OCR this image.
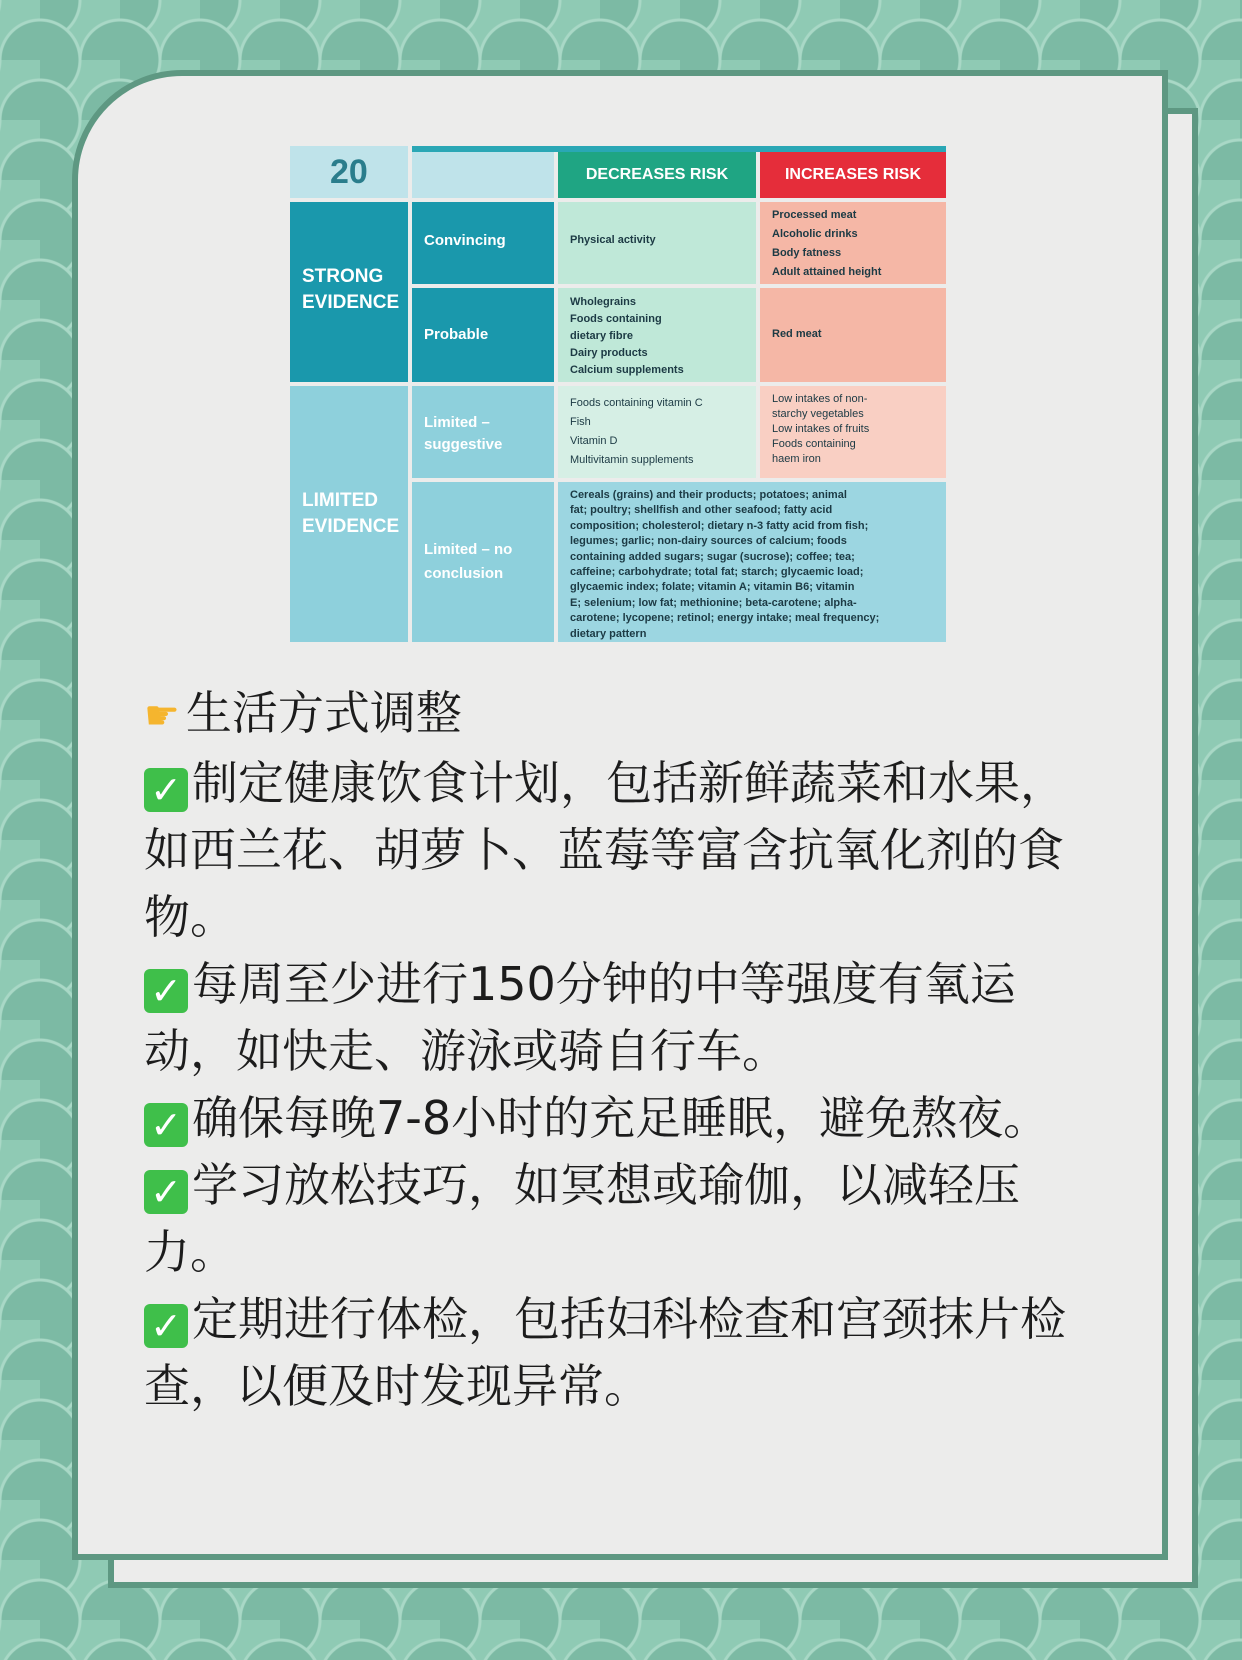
20	DECREASES RISK	INCREASES RISK
STRONG EVIDENCE
Convincing
Probable
LIMITED EVIDENCE
Limited – suggestive
Limited – no conclusion
Physical activity
Wholegrains
Foods containing
dietary fibre
Dairy products
Calcium supplements
Foods containing vitamin C
Fish
Vitamin D
Multivitamin supplements
Processed meat
Alcoholic drinks
Body fatness
Adult attained height
Red meat
Low intakes of non-
starchy vegetables
Low intakes of fruits
Foods containing
haem iron
Cereals (grains) and their products; potatoes; animal
fat; poultry; shellfish and other seafood; fatty acid
composition; cholesterol; dietary n-3 fatty acid from fish;
legumes; garlic; non-dairy sources of calcium; foods
containing added sugars; sugar (sucrose); coffee; tea;
caffeine; carbohydrate; total fat; starch; glycaemic load;
glycaemic index; folate; vitamin A; vitamin B6; vitamin
E; selenium; low fat; methionine; beta-carotene; alpha-
carotene; lycopene; retinol; energy intake; meal frequency;
dietary pattern

☛ 生活方式调整

✓ 制定健康饮食计划，包括新鲜蔬菜和水果，如西兰花、胡萝卜、蓝莓等富含抗氧化剂的食物。

✓ 每周至少进行150分钟的中等强度有氧运动，如快走、游泳或骑自行车。

✓ 确保每晚7-8小时的充足睡眠，避免熬夜。

✓ 学习放松技巧，如冥想或瑜伽，以减轻压力。

✓ 定期进行体检，包括妇科检查和宫颈抹片检查，以便及时发现异常。
